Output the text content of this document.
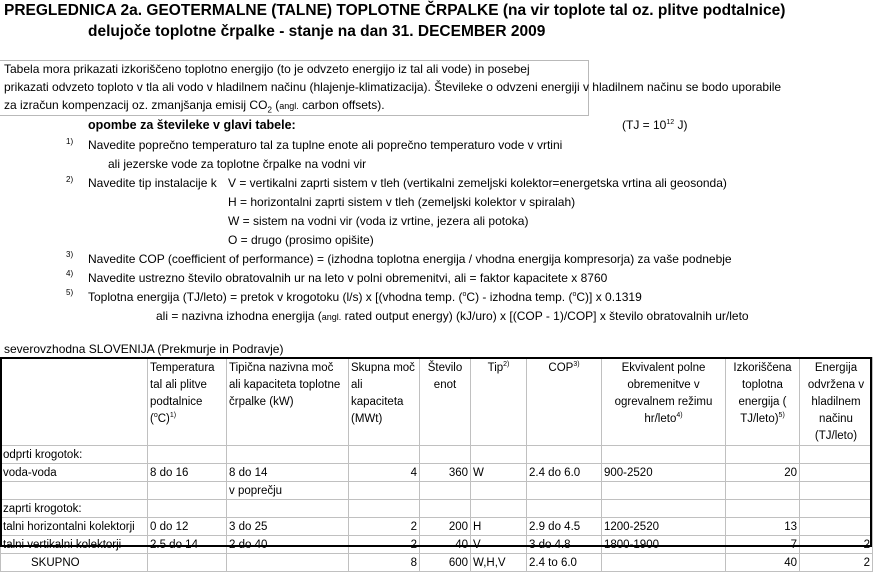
PREGLEDNICA 2a. GEOTERMALNE (TALNE) TOPLOTNE ČRPALKE (na vir toplote tal oz. plitve podtalnice)
delujoče toplotne črpalke - stanje na dan 31. DECEMBER 2009
Tabela mora prikazati izkoriščeno toplotno energijo (to je odvzeto energijo iz tal ali vode) in posebej
prikazati odvzeto toploto v tla ali vodo v hladilnem načinu (hlajenje-klimatizacija). Števileke o odvzeni energiji v hladilnem načinu se bodo uporabile
za izračun kompenzacij oz. zmanjšanja emisij $CO_2$ (angl. carbon offsets).
opombe za števileke v glavi tabele:	($TJ = 10^{12}$ J)
1) Navedite poprečno temperaturo tal za tuplne enote ali poprečno temperaturo vode v vrtini
ali jezerske vode za toplotne črpalke na vodni vir
2) Navedite tip instalacije k V = vertikalni zaprti sistem v tleh (vertikalni zemeljski kolektor=energetska vrtina ali geosonda)
H = horizontalni zaprti sistem v tleh (zemeljski kolektor v spiralah)
W = sistem na vodni vir (voda iz vrtine, jezera ali potoka)
O = drugo (prosimo opišite)
3) Navedite COP (coefficient of performance) = (izhodna toplotna energija / vhodna energija kompresorja) za vaše podnebje
4) Navedite ustrezno število obratovalnih ur na leto v polni obremenitvi, ali = faktor kapacitete x 8760
5) Toplotna energija (TJ/leto) = pretok v krogotoku (l/s) x [(vhodna temp. ($^o$C) - izhodna temp. ($^o$C)] x 0.1319
ali = nazivna izhodna energija (angl. rated output energy) (kJ/uro) x [(COP - 1)/COP] x število obratovalnih ur/leto
severovzhodna SLOVENIJA (Prekmurje in Podravje)
	Temperatura tal ali plitve podtalnice $(^oC)^{1)}$	Tipična nazivna moč ali kapaciteta toplotne črpalke (kW)	Skupna moč ali kapaciteta (MWt)	Število enot	Tip$^{2)}$	COP$^{3)}$	Ekvivalent polne obremenitve v ogrevalnem režimu hr/leto$^{4)}$	Izkoriščena toplotna energija ( TJ/leto)$^{5)}$	Energija odvržena v hladilnem načinu (TJ/leto)
odprti krogotok:									
voda-voda	8 do 16	8 do 14	4	360	W	2.4 do 6.0	900-2520	20	
		v poprečju							
zaprti krogotok:									
talni horizontalni kolektorji	0 do 12	3 do 25	2	200	H	2.9 do 4.5	1200-2520	13	
talni vertikalni kolektorji	2.5 do 14	2 do 40	2	40	V	3 do 4.8	1800-1900	7	2
SKUPNO			8	600	W,H,V	2.4 to 6.0		40	2
